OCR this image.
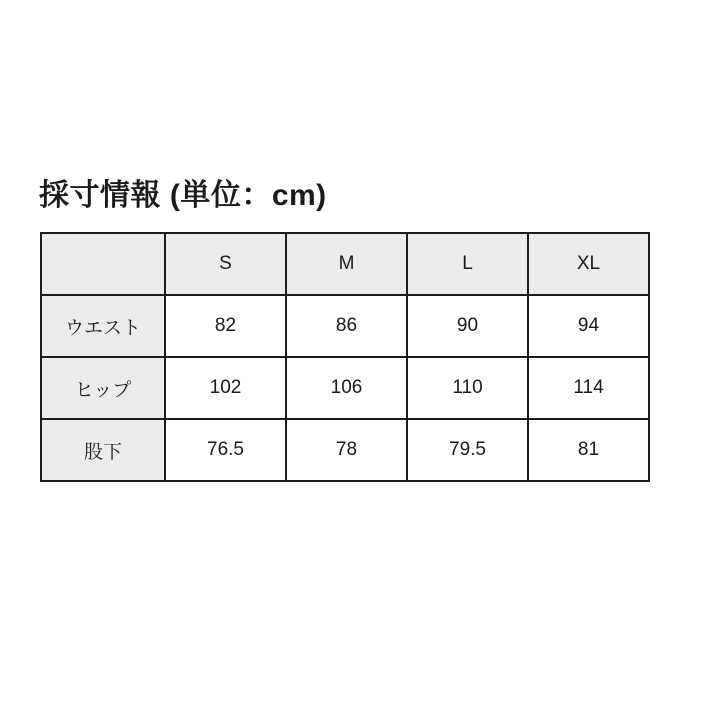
採寸情報 (単位：cm)
	S	M	L	XL
ウエスト	82	86	90	94
ヒップ	102	106	110	114
股下	76.5	78	79.5	81
